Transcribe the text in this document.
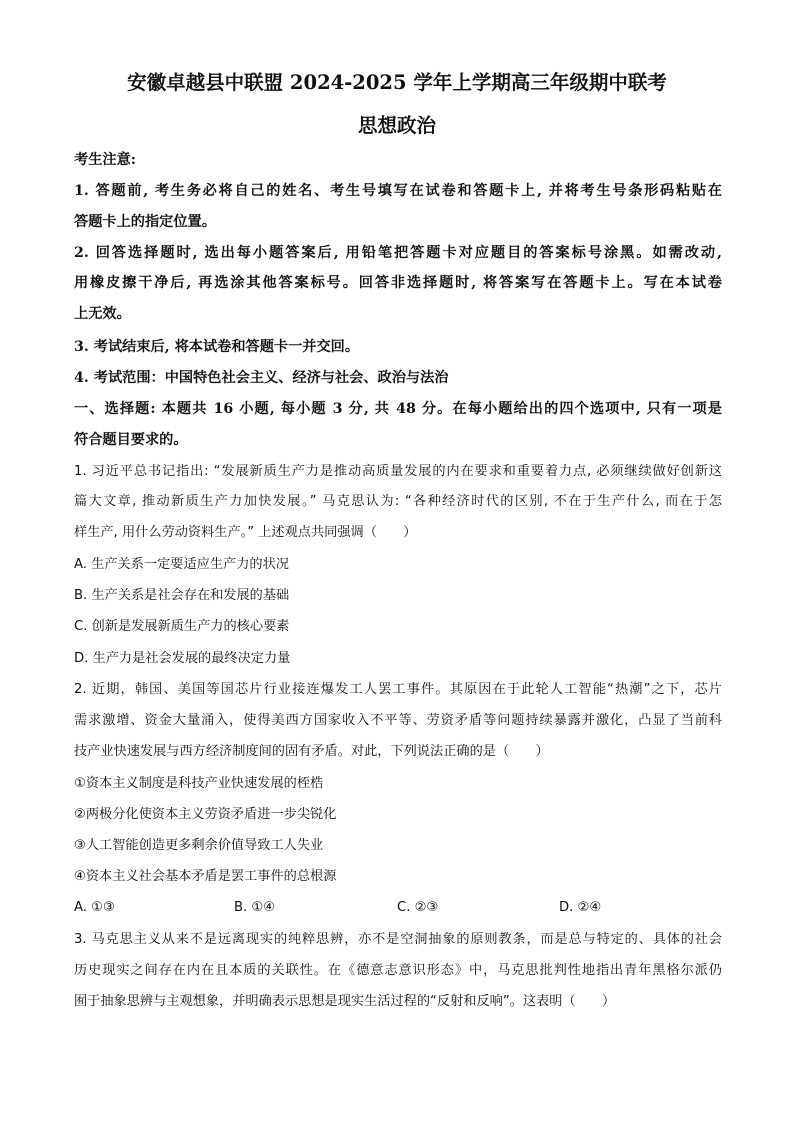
安徽卓越县中联盟 2024-2025 学年上学期高三年级期中联考
思想政治
考生注意:
1. 答题前, 考生务必将自己的姓名、考生号填写在试卷和答题卡上, 并将考生号条形码粘贴在
答题卡上的指定位置。
2. 回答选择题时, 选出每小题答案后, 用铅笔把答题卡对应题目的答案标号涂黑。如需改动,
用橡皮擦干净后, 再选涂其他答案标号。回答非选择题时, 将答案写在答题卡上。写在本试卷
上无效。
3. 考试结束后, 将本试卷和答题卡一并交回。
4. 考试范围：中国特色社会主义、经济与社会、政治与法治
一、选择题: 本题共 16 小题, 每小题 3 分, 共 48 分。在每小题给出的四个选项中, 只有一项是
符合题目要求的。
1. 习近平总书记指出: “发展新质生产力是推动高质量发展的内在要求和重要着力点, 必须继续做好创新这
篇大文章, 推动新质生产力加快发展。” 马克思认为: “各种经济时代的区别, 不在于生产什么, 而在于怎
样生产, 用什么劳动资料生产。” 上述观点共同强调（　　）
A. 生产关系一定要适应生产力的状况
B. 生产关系是社会存在和发展的基础
C. 创新是发展新质生产力的核心要素
D. 生产力是社会发展的最终决定力量
2. 近期，韩国、美国等国芯片行业接连爆发工人罢工事件。其原因在于此轮人工智能“热潮”之下，芯片
需求激增、资金大量涌入，使得美西方国家收入不平等、劳资矛盾等问题持续暴露并激化，凸显了当前科
技产业快速发展与西方经济制度间的固有矛盾。对此，下列说法正确的是（　　）
①资本主义制度是科技产业快速发展的桎梏
②两极分化使资本主义劳资矛盾进一步尖锐化
③人工智能创造更多剩余价值导致工人失业
④资本主义社会基本矛盾是罢工事件的总根源
A. ①③	B. ①④	C. ②③	D. ②④
3. 马克思主义从来不是远离现实的纯粹思辨，亦不是空洞抽象的原则教条，而是总与特定的、具体的社会
历史现实之间存在内在且本质的关联性。在《德意志意识形态》中，马克思批判性地指出青年黑格尔派仍
囿于抽象思辨与主观想象，并明确表示思想是现实生活过程的“反射和反响”。这表明（　　）
